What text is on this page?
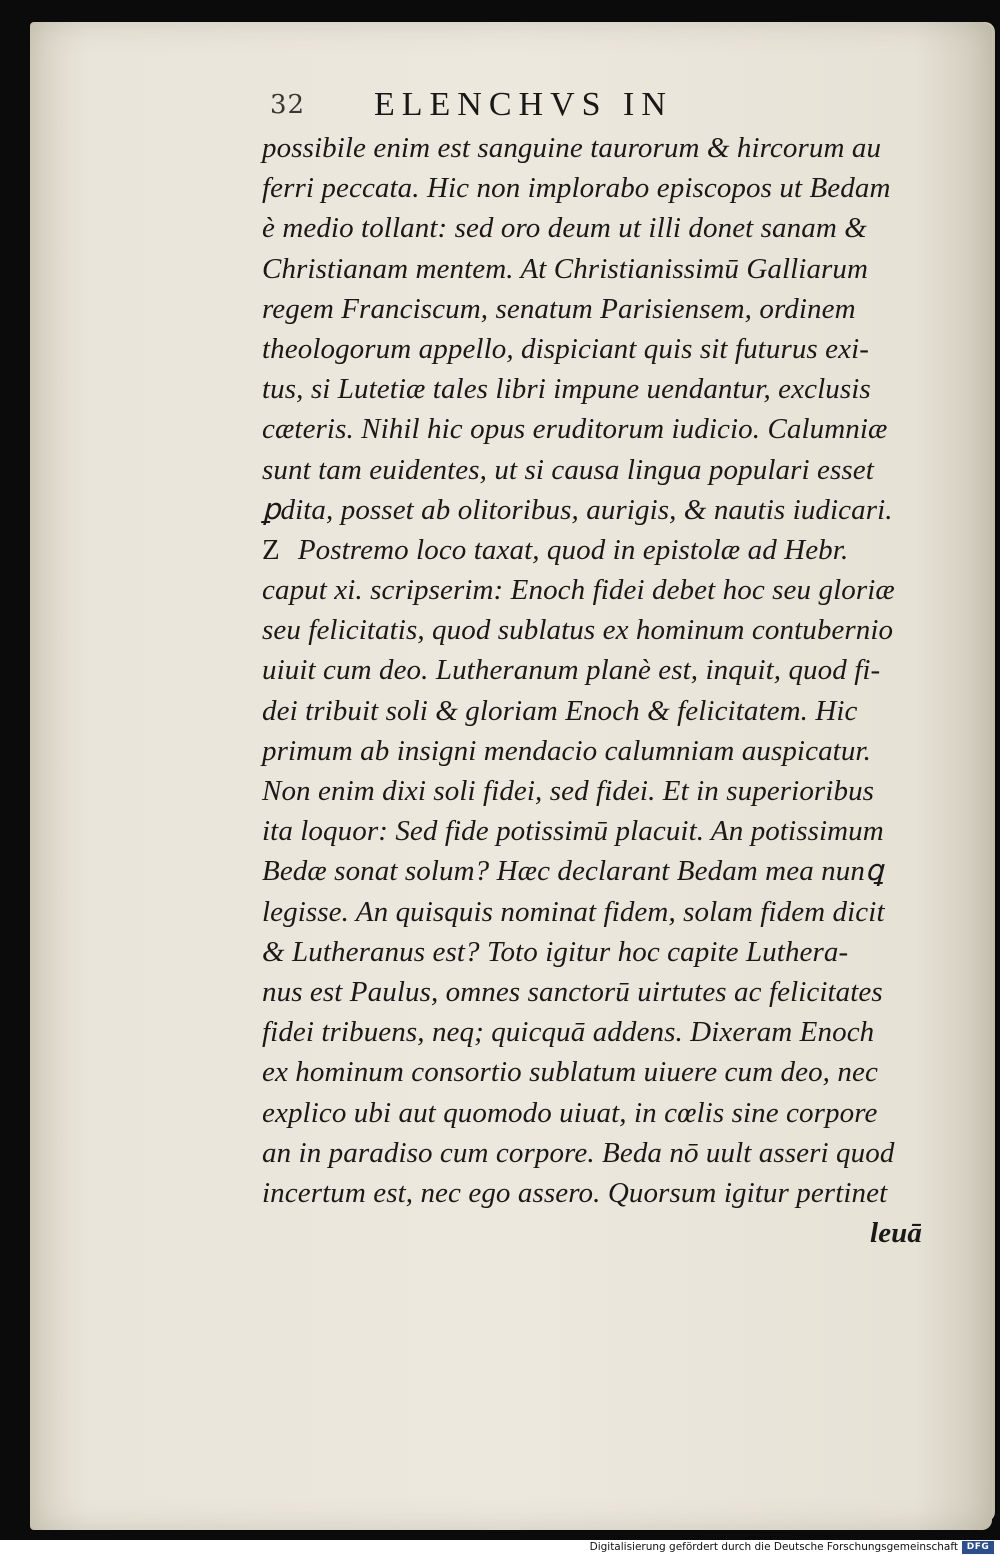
32 ELENCHVS IN
possibile enim est sanguine taurorum & hircorum au
ferri peccata. Hic non implorabo episcopos ut Bedam
è medio tollant: sed oro deum ut illi donet sanam &
Christianam mentem. At Christianissimū Galliarum
regem Franciscum, senatum Parisiensem, ordinem
theologorum appello, dispiciant quis sit futurus exi-
tus, si Lutetiæ tales libri impune uendantur, exclusis
cæteris. Nihil hic opus eruditorum iudicio. Calumniæ
sunt tam euidentes, ut si causa lingua populari esset
ꝑdita, posset ab olitoribus, aurigis, & nautis iudicari.
Z Postremo loco taxat, quod in epistolæ ad Hebr.
caput xi. scripserim: Enoch fidei debet hoc seu gloriæ
seu felicitatis, quod sublatus ex hominum contubernio
uiuit cum deo. Lutheranum planè est, inquit, quod fi-
dei tribuit soli & gloriam Enoch & felicitatem. Hic
primum ab insigni mendacio calumniam auspicatur.
Non enim dixi soli fidei, sed fidei. Et in superioribus
ita loquor: Sed fide potissimū placuit. An potissimum
Bedæ sonat solum? Hæc declarant Bedam mea nunꝗ
legisse. An quisquis nominat fidem, solam fidem dicit
& Lutheranus est? Toto igitur hoc capite Luthera-
nus est Paulus, omnes sanctorū uirtutes ac felicitates
fidei tribuens, neq; quicquā addens. Dixeram Enoch
ex hominum consortio sublatum uiuere cum deo, nec
explico ubi aut quomodo uiuat, in cœlis sine corpore
an in paradiso cum corpore. Beda nō uult asseri quod
incertum est, nec ego assero. Quorsum igitur pertinet
leuā
Digitalisierung gefördert durch die Deutsche Forschungsgemeinschaft DFG
